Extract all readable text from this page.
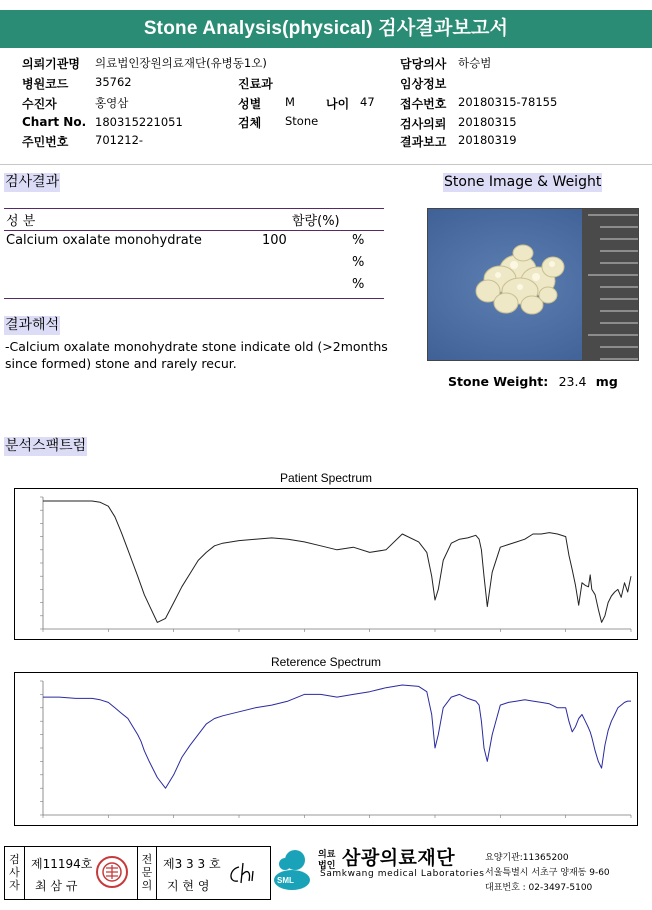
Stone Analysis(physical) 검사결과보고서
의뢰기관명 의료법인장원의료재단(유병동1오)
병원코드 35762
수진자	홍영삼
Chart No. 180315221051
주민번호 701212-
진료과
성별 M	나이 47
검체 Stone
담당의사 하승범
임상정보
접수번호 20180315-78155
검사의뢰 20180315
결과보고 20180319
검사결과
성 분	함량(%)
Calcium oxalate monohydrate	100	%
%
%
결과해석
-Calcium oxalate monohydrate stone indicate old (>2months since formed) stone and rarely recur.
Stone Image & Weight
Stone Weight: 23.4 mg
분석스팩트럼
Patient Spectrum
Reterence Spectrum
검사자
제11194호
최 삼 규
전문의
제3 3 3 호
지 현 영	SML
의료법인 삼광의료재단
Samkwang medical Laboratories
요양기관:11365200
서울특별시 서초구 양재동 9-60
대표번호 : 02-3497-5100
